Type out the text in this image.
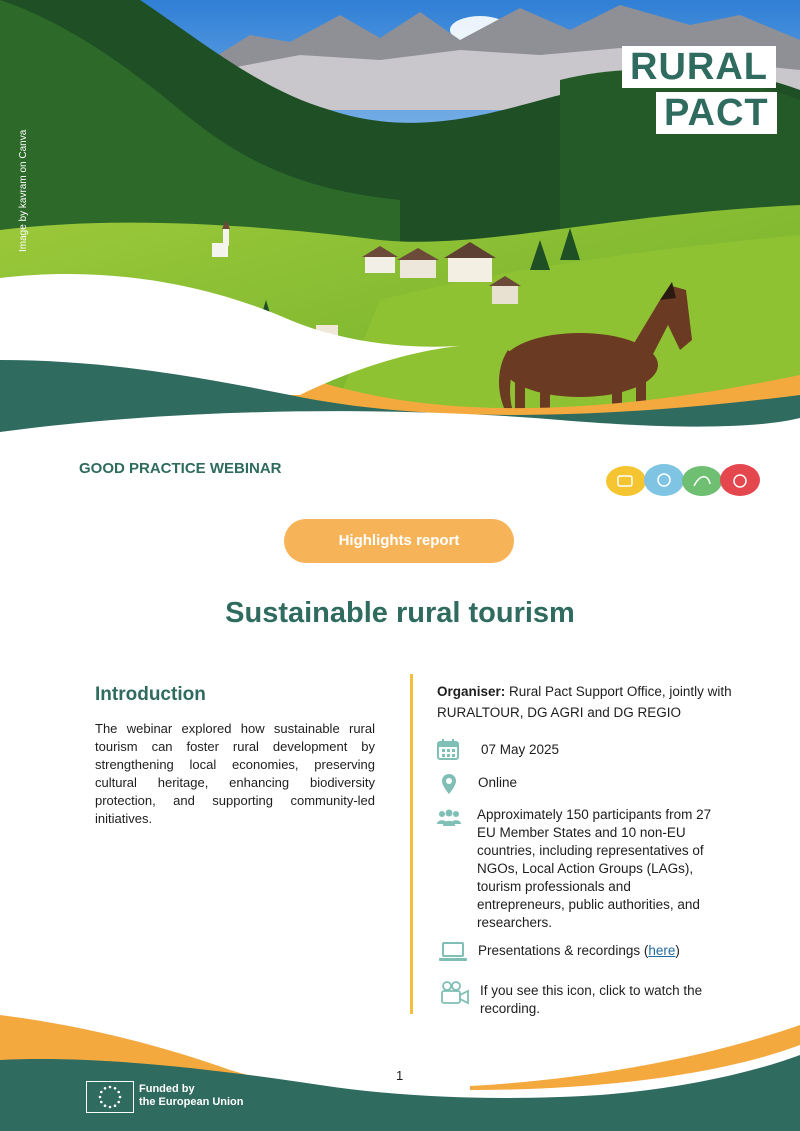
Image by kavram on Canva
RURAL
PACT
GOOD PRACTICE WEBINAR
Highlights report
Sustainable rural tourism
Introduction
The webinar explored how sustainable rural tourism can foster rural development by strengthening local economies, preserving cultural heritage, enhancing biodiversity protection, and supporting community-led initiatives.
Organiser: Rural Pact Support Office, jointly with RURALTOUR, DG AGRI and DG REGIO
07 May 2025
Online
Approximately 150 participants from 27 EU Member States and 10 non-EU countries, including representatives of NGOs, Local Action Groups (LAGs), tourism professionals and entrepreneurs, public authorities, and researchers.
Presentations & recordings (here)
If you see this icon, click to watch the recording.
1
Funded by
the European Union
